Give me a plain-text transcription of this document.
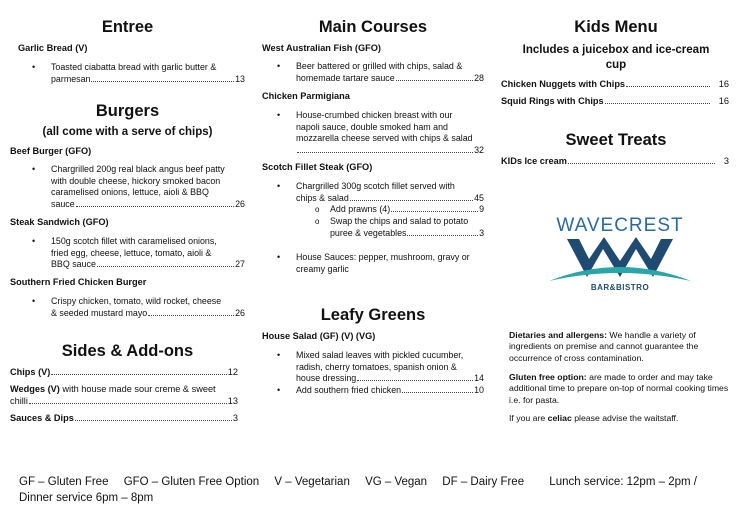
Entree
Garlic Bread (V)
• Toasted ciabatta bread with garlic butter &
parmesan	13
Burgers
(all come with a serve of chips)
Beef Burger (GFO)
• Chargrilled 200g real black angus beef patty
with double cheese, hickory smoked bacon
caramelised onions, lettuce, aioli & BBQ
sauce	26
Steak Sandwich (GFO)
• 150g scotch fillet with caramelised onions,
fried egg, cheese, lettuce, tomato, aioli &
BBQ sauce	27
Southern Fried Chicken Burger
• Crispy chicken, tomato, wild rocket, cheese
& seeded mustard mayo	26
Sides & Add-ons
Chips (V)	12
Wedges (V) with house made sour creme & sweet
chilli	13
Sauces & Dips	3
Main Courses
West Australian Fish (GFO)
• Beer battered or grilled with chips, salad &
homemade tartare sauce	28
Chicken Parmigiana
• House-crumbed chicken breast with our
napoli sauce, double smoked ham and
mozzarella cheese served with chips & salad
32
Scotch Fillet Steak (GFO)
• Chargrilled 300g scotch fillet served with
chips & salad	45
o Add prawns (4)	9
o Swap the chips and salad to potato
puree & vegetables	3
• House Sauces: pepper, mushroom, gravy or
creamy garlic
Leafy Greens
House Salad (GF) (V) (VG)
• Mixed salad leaves with pickled cucumber,
radish, cherry tomatoes, spanish onion &
house dressing	14
• Add southern fried chicken	10
Kids Menu
Includes a juicebox and ice-cream
cup
Chicken Nuggets with Chips	16
Squid Rings with Chips	16
Sweet Treats
KIDs Ice cream	3
WAVECREST
BAR&BISTRO
Dietaries and allergens: We handle a variety of ingredients on premise and cannot guarantee the occurrence of cross contamination.
Gluten free option: are made to order and may take additional time to prepare on-top of normal cooking times i.e. for pasta.
If you are celiac please advise the waitstaff.
GF – Gluten Free GFO – Gluten Free Option V – Vegetarian VG – Vegan DF – Dairy Free Lunch service: 12pm – 2pm /
Dinner service 6pm – 8pm
